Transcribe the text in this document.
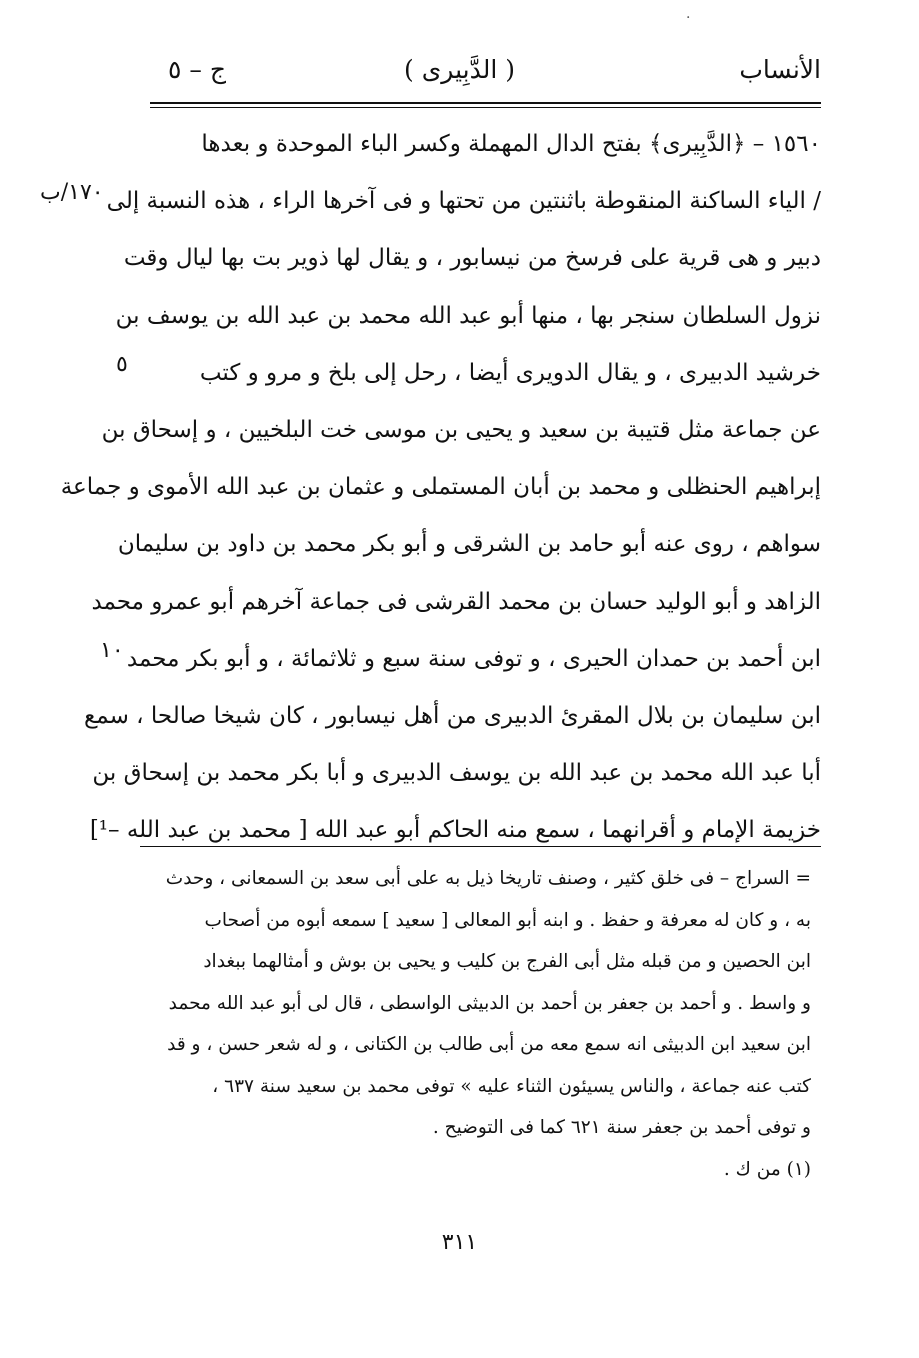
·
الأنساب
( الدَّبِيرى )
ج – ٥
١٧٠/ب
٥
١٠
١٥٦٠ – ﴿الدَّبِيرى﴾ بفتح الدال المهملة وكسر الباء الموحدة و بعدها
/ الياء الساكنة المنقوطة باثنتين من تحتها و فى آخرها الراء ، هذه النسبة إلى
دبير و هى قرية على فرسخ من نيسابور ، و يقال لها ذوير بت بها ليال وقت
نزول السلطان سنجر بها ، منها أبو عبد الله محمد بن عبد الله بن يوسف بن
خرشيد الدبيرى ، و يقال الدويرى أيضا ، رحل إلى بلخ و مرو و كتب
عن جماعة مثل قتيبة بن سعيد و يحيى بن موسى خت البلخيين ، و إسحاق بن
إبراهيم الحنظلى و محمد بن أبان المستملى و عثمان بن عبد الله الأموى و جماعة
سواهم ، روى عنه أبو حامد بن الشرقى و أبو بكر محمد بن داود بن سليمان
الزاهد و أبو الوليد حسان بن محمد القرشى فى جماعة آخرهم أبو عمرو محمد
ابن أحمد بن حمدان الحيرى ، و توفى سنة سبع و ثلاثمائة ، و أبو بكر محمد
ابن سليمان بن بلال المقرئ الدبيرى من أهل نيسابور ، كان شيخا صالحا ، سمع
أبا عبد الله محمد بن عبد الله بن يوسف الدبيرى و أبا بكر محمد بن إسحاق بن
خزيمة الإمام و أقرانهما ، سمع منه الحاكم أبو عبد الله [ محمد بن عبد الله –¹]
= السراج – فى خلق كثير ، وصنف تاريخا ذيل به على أبى سعد بن السمعانى ، وحدث
به ، و كان له معرفة و حفظ . و ابنه أبو المعالى [ سعيد ] سمعه أبوه من أصحاب
ابن الحصين و من قبله مثل أبى الفرج بن كليب و يحيى بن بوش و أمثالهما ببغداد
و واسط . و أحمد بن جعفر بن أحمد بن الدبيثى الواسطى ، قال لى أبو عبد الله محمد
ابن سعيد ابن الدبيثى انه سمع معه من أبى طالب بن الكتانى ، و له شعر حسن ، و قد
كتب عنه جماعة ، والناس يسيئون الثناء عليه » توفى محمد بن سعيد سنة ٦٣٧ ،
و توفى أحمد بن جعفر سنة ٦٢١ كما فى التوضيح .
(١) من ك .
٣١١
